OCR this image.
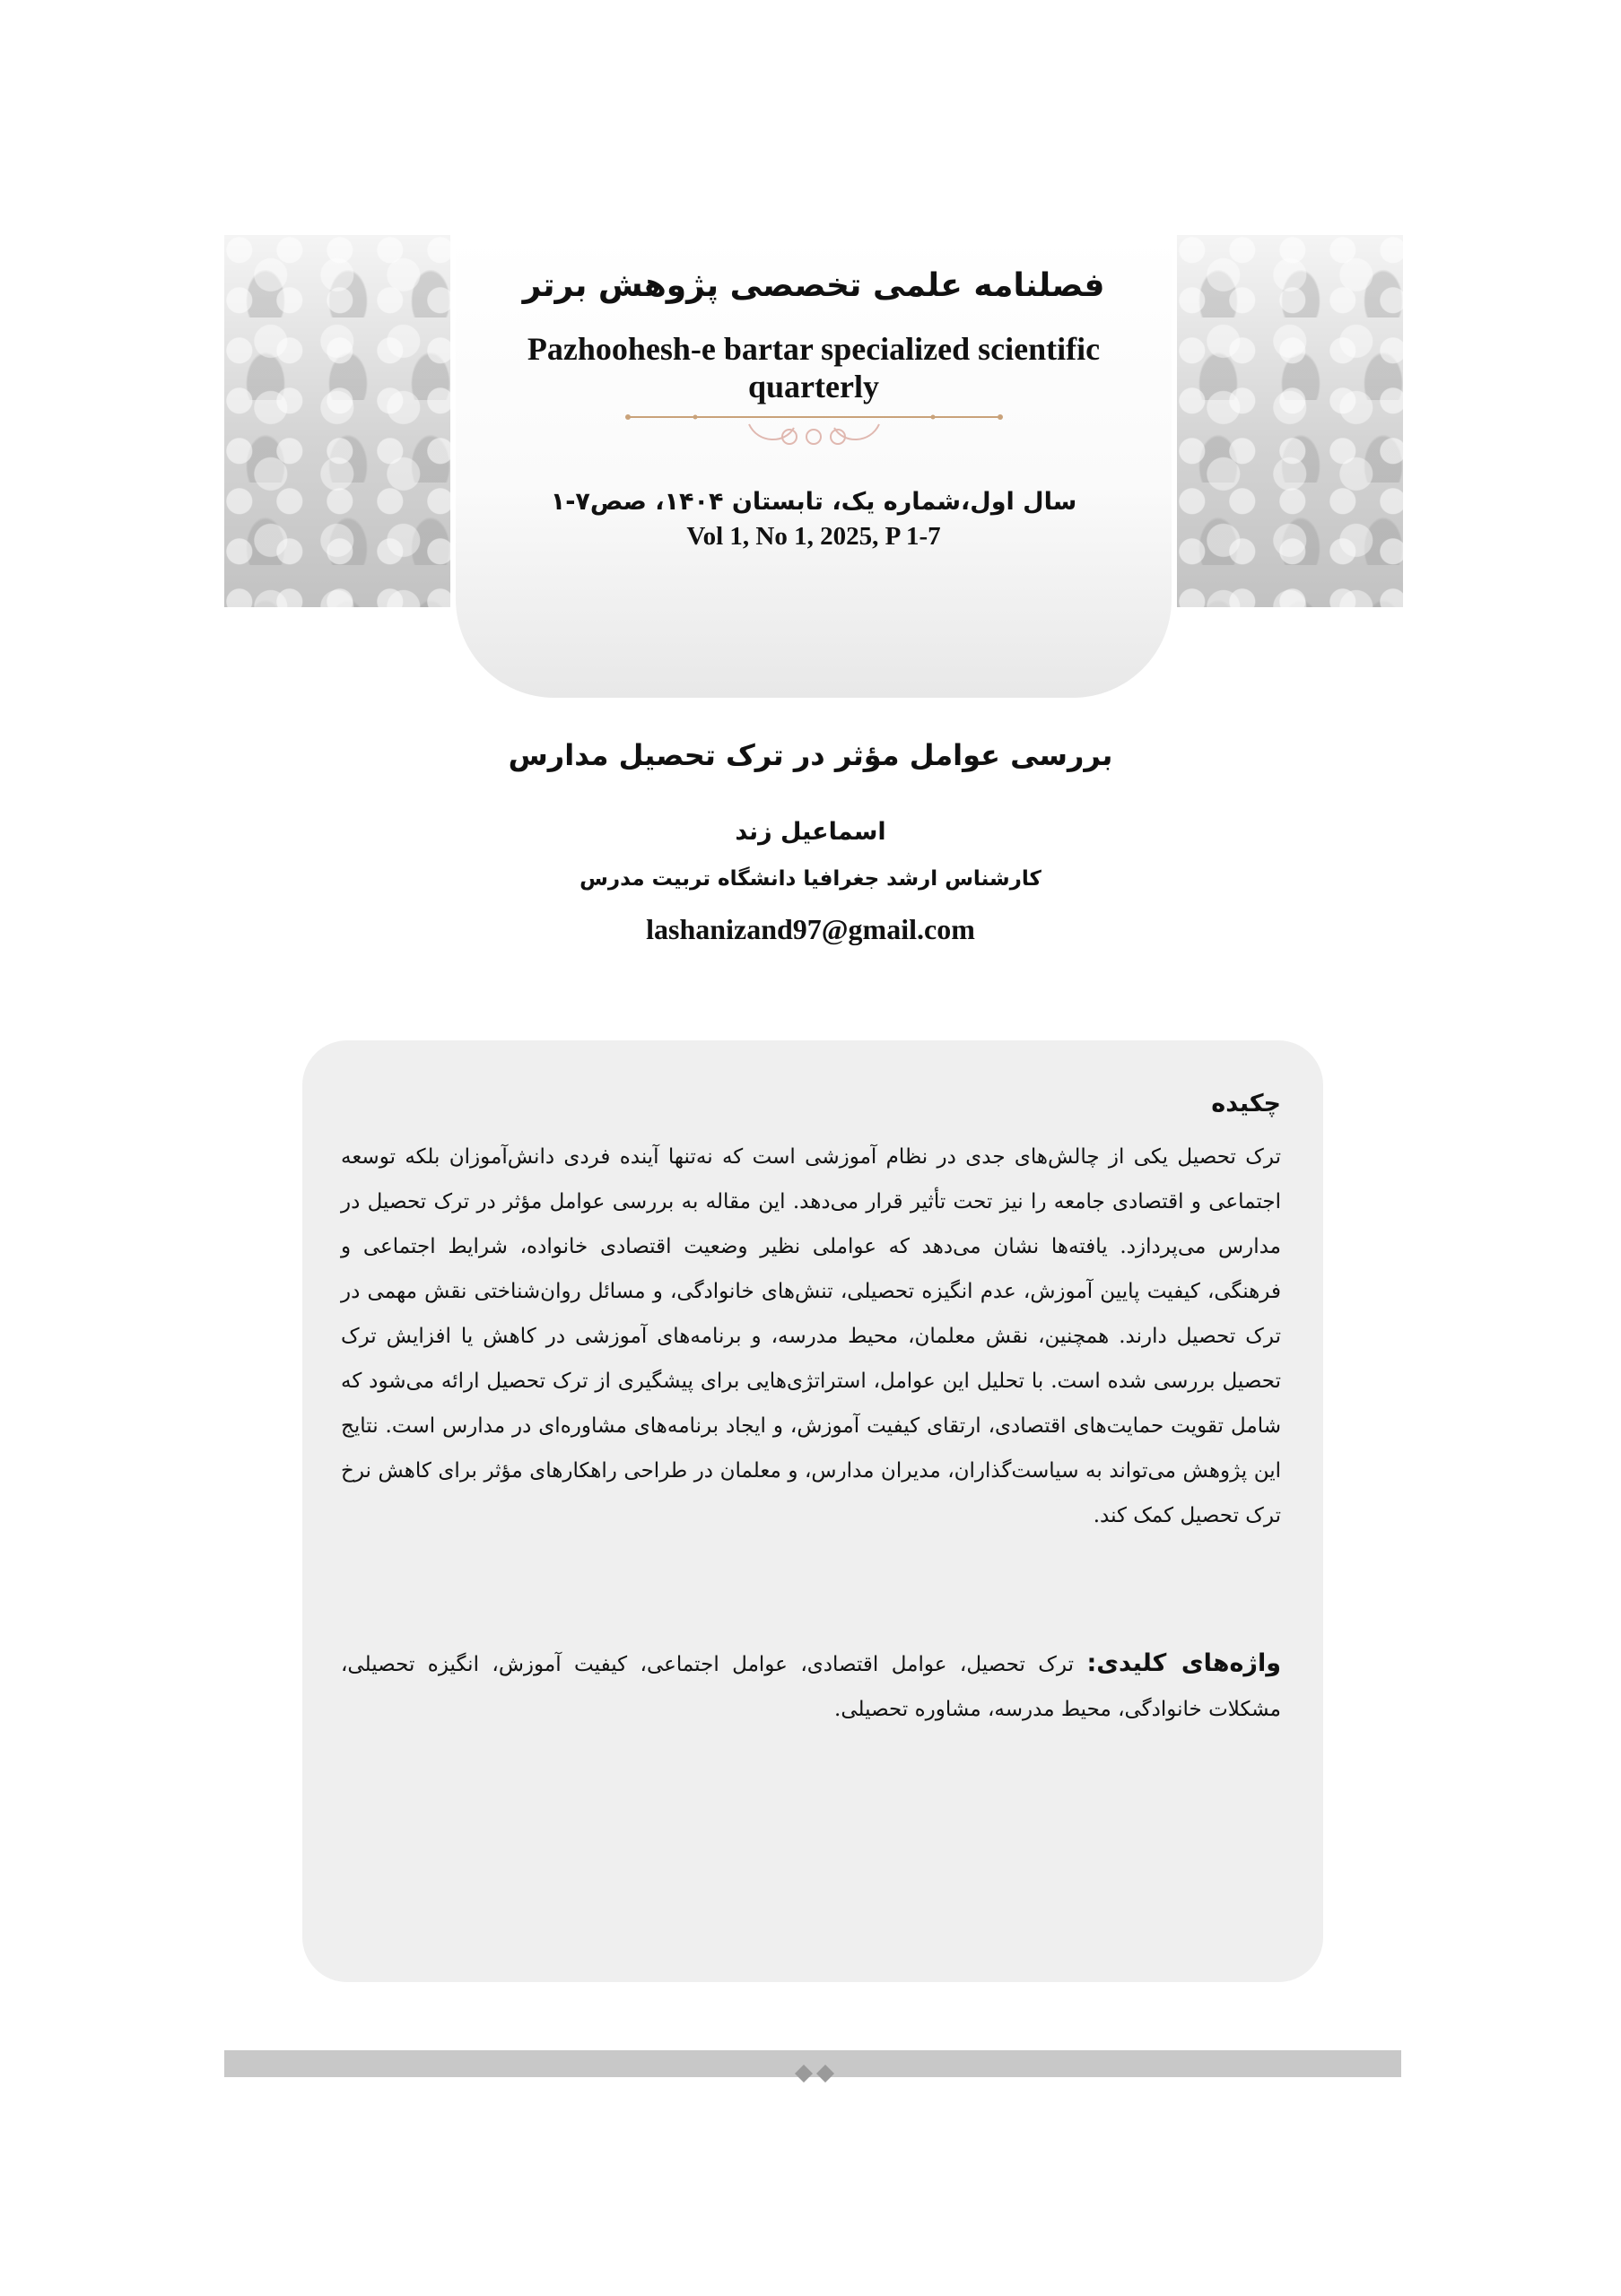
فصلنامه علمی تخصصی پژوهش برتر
Pazhoohesh-e bartar specialized scientific quarterly
سال اول،شماره یک، تابستان ۱۴۰۴، صص۷-۱
Vol 1, No 1, 2025, P 1-7
بررسی عوامل مؤثر در ترک تحصیل مدارس
اسماعیل زند
کارشناس ارشد جغرافیا دانشگاه تربیت مدرس
lashanizand97@gmail.com
چکیده
ترک تحصیل یکی از چالش‌های جدی در نظام آموزشی است که نه‌تنها آینده فردی دانش‌آموزان بلکه توسعه اجتماعی و اقتصادی جامعه را نیز تحت تأثیر قرار می‌دهد. این مقاله به بررسی عوامل مؤثر در ترک تحصیل در مدارس می‌پردازد. یافته‌ها نشان می‌دهد که عواملی نظیر وضعیت اقتصادی خانواده، شرایط اجتماعی و فرهنگی، کیفیت پایین آموزش، عدم انگیزه تحصیلی، تنش‌های خانوادگی، و مسائل روان‌شناختی نقش مهمی در ترک تحصیل دارند. همچنین، نقش معلمان، محیط مدرسه، و برنامه‌های آموزشی در کاهش یا افزایش ترک تحصیل بررسی شده است. با تحلیل این عوامل، استراتژی‌هایی برای پیشگیری از ترک تحصیل ارائه می‌شود که شامل تقویت حمایت‌های اقتصادی، ارتقای کیفیت آموزش، و ایجاد برنامه‌های مشاوره‌ای در مدارس است. نتایج این پژوهش می‌تواند به سیاست‌گذاران، مدیران مدارس، و معلمان در طراحی راهکارهای مؤثر برای کاهش نرخ ترک تحصیل کمک کند.
واژه‌های کلیدی: ترک تحصیل، عوامل اقتصادی، عوامل اجتماعی، کیفیت آموزش، انگیزه تحصیلی، مشکلات خانوادگی، محیط مدرسه، مشاوره تحصیلی.
